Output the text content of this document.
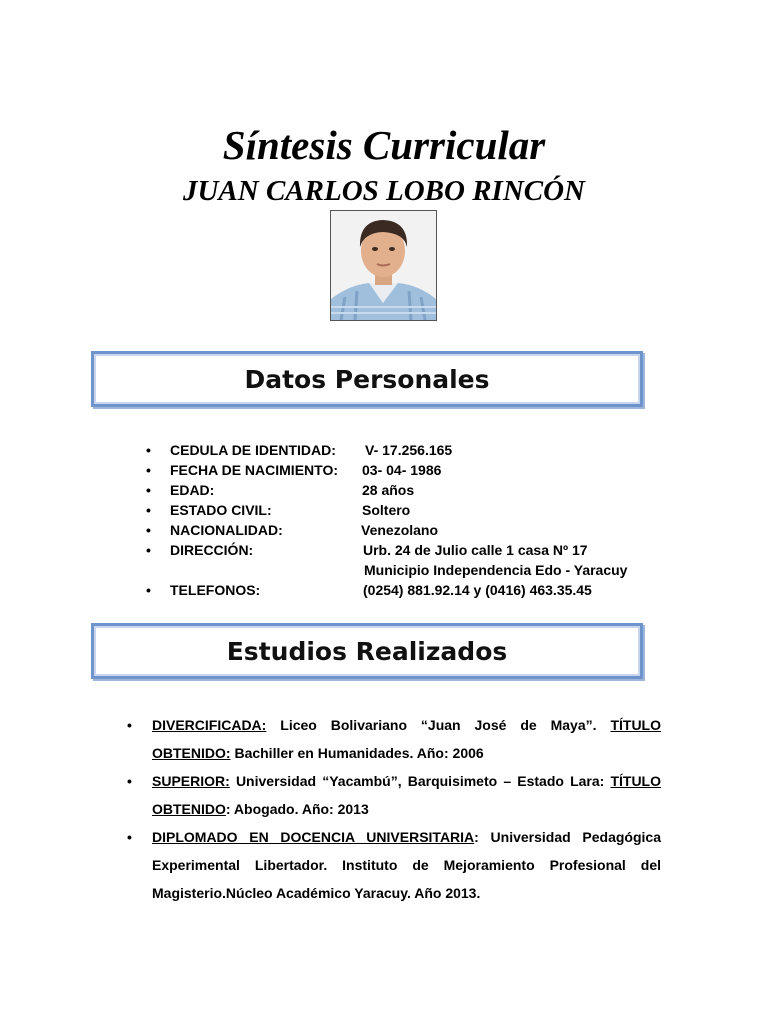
Síntesis Curricular
JUAN CARLOS LOBO RINCÓN
Datos Personales
•	CEDULA DE IDENTIDAD: V- 17.256.165
•	FECHA DE NACIMIENTO: 03- 04- 1986
•	EDAD:	28 años
•	ESTADO CIVIL:	Soltero
•	NACIONALIDAD:	Venezolano
•	DIRECCIÓN:	Urb. 24 de Julio calle 1 casa Nº 17
Municipio Independencia Edo - Yaracuy
•	TELEFONOS:	(0254) 881.92.14 y (0416) 463.35.45
Estudios Realizados
• DIVERCIFICADA: Liceo Bolivariano “Juan José de Maya”. TÍTULO OBTENIDO: Bachiller en Humanidades. Año: 2006
• SUPERIOR: Universidad “Yacambú”, Barquisimeto – Estado Lara: TÍTULO OBTENIDO: Abogado. Año: 2013
• DIPLOMADO EN DOCENCIA UNIVERSITARIA: Universidad Pedagógica Experimental Libertador. Instituto de Mejoramiento Profesional del Magisterio.Núcleo Académico Yaracuy. Año 2013.
